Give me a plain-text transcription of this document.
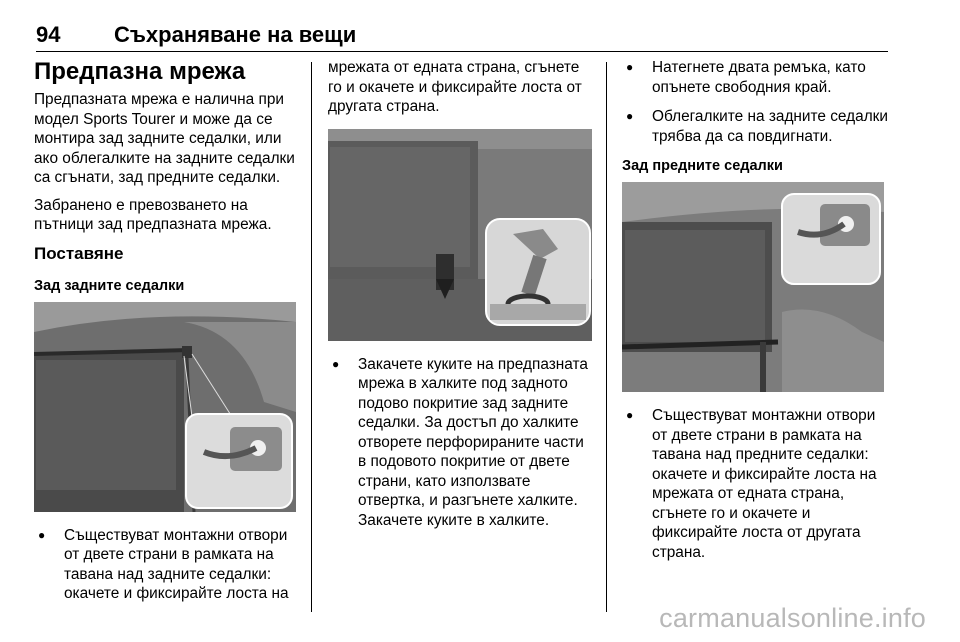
94 Съхраняване на вещи
Предпазна мрежа

Предпазната мрежа е налична при модел Sports Tourer и може да се монтира зад задните седалки, или ако облегалките на задните седалки са сгънати, зад предните седалки.

Забранено е превозването на пътници зад предпазната мрежа.

Поставяне
Зад задните седалки
● Съществуват монтажни отвори от двете страни в рамката на тавана над задните седалки: окачете и фиксирайте лоста на

мрежата от едната страна, сгънете го и окачете и фиксирайте лоста от другата страна.

● Закачете куките на предпазната мрежа в халките под задното подово покритие зад задните седалки. За достъп до халките отворете перфорираните части в подовото покритие от двете страни, като използвате отвертка, и разгънете халките. Закачете куките в халките.
● Натегнете двата ремъка, като опънете свободния край.
● Облегалките на задните седалки трябва да са повдигнати.
Зад предните седалки
● Съществуват монтажни отвори от двете страни в рамката на тавана над предните седалки: окачете и фиксирайте лоста на мрежата от едната страна, сгънете го и окачете и фиксирайте лоста от другата страна.
carmanualsonline.info
